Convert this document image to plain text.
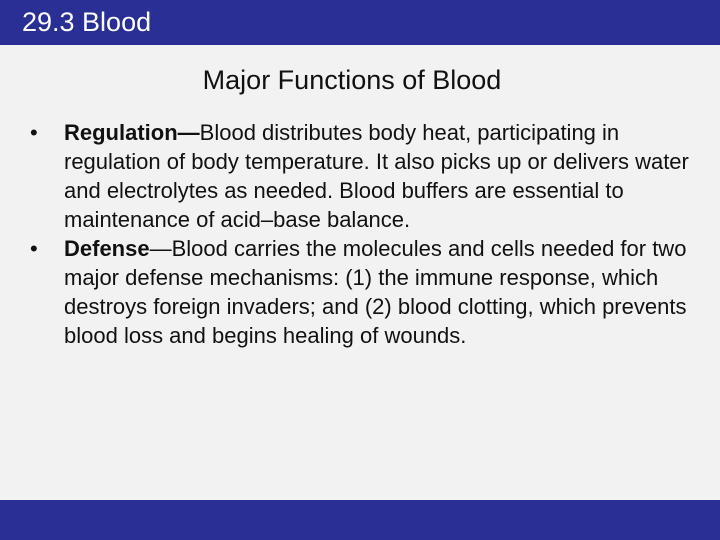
29.3 Blood
Major Functions of Blood
•	Regulation—Blood distributes body heat, participating in regulation of body temperature. It also picks up or delivers water and electrolytes as needed. Blood buffers are essential to maintenance of acid–base balance.
•	Defense—Blood carries the molecules and cells needed for two major defense mechanisms: (1) the immune response, which destroys foreign invaders; and (2) blood clotting, which prevents blood loss and begins healing of wounds.
